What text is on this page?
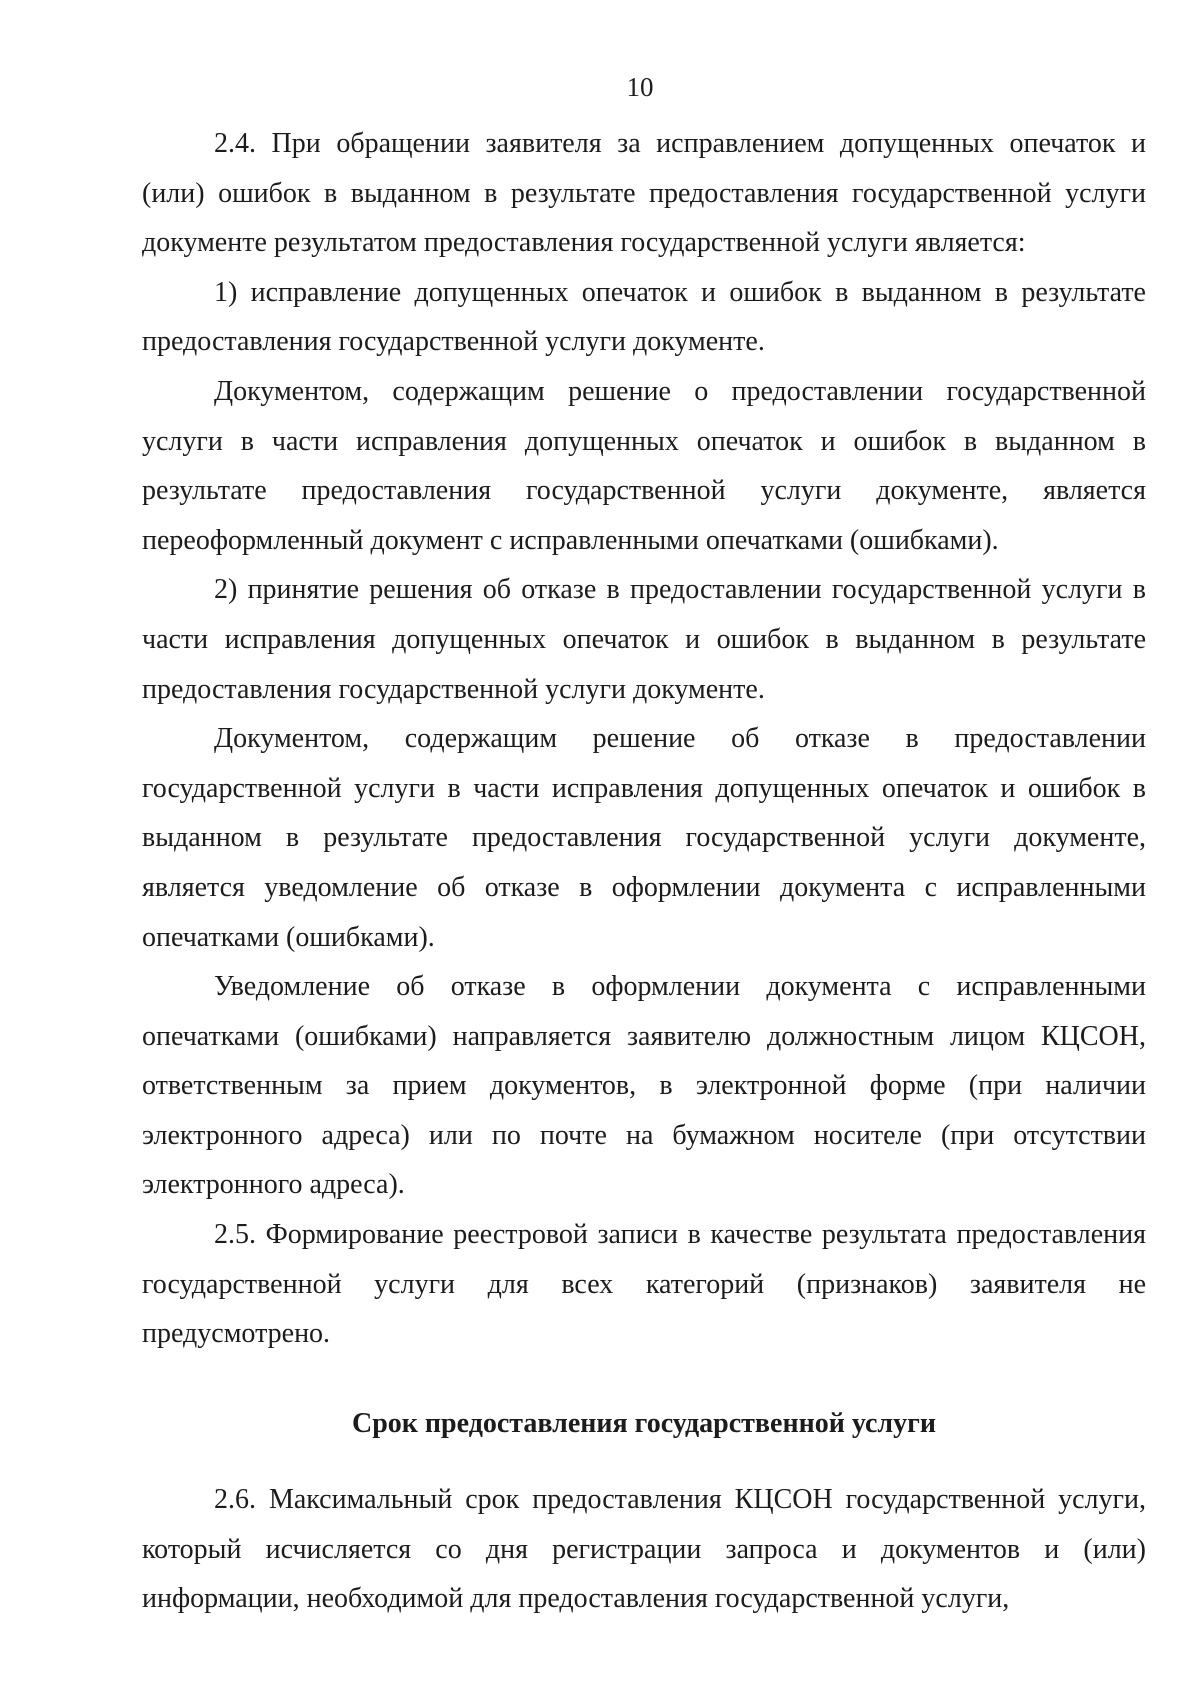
10

2.4. При обращении заявителя за исправлением допущенных опечаток и (или) ошибок в выданном в результате предоставления государственной услуги документе результатом предоставления государственной услуги является:

1) исправление допущенных опечаток и ошибок в выданном в результате предоставления государственной услуги документе.

Документом, содержащим решение о предоставлении государственной услуги в части исправления допущенных опечаток и ошибок в выданном в результате предоставления государственной услуги документе, является переоформленный документ с исправленными опечатками (ошибками).

2) принятие решения об отказе в предоставлении государственной услуги в части исправления допущенных опечаток и ошибок в выданном в результате предоставления государственной услуги документе.

Документом, содержащим решение об отказе в предоставлении государственной услуги в части исправления допущенных опечаток и ошибок в выданном в результате предоставления государственной услуги документе, является уведомление об отказе в оформлении документа с исправленными опечатками (ошибками).

Уведомление об отказе в оформлении документа с исправленными опечатками (ошибками) направляется заявителю должностным лицом КЦСОН, ответственным за прием документов, в электронной форме (при наличии электронного адреса) или по почте на бумажном носителе (при отсутствии электронного адреса).

2.5. Формирование реестровой записи в качестве результата предоставления государственной услуги для всех категорий (признаков) заявителя не предусмотрено.

Срок предоставления государственной услуги

2.6. Максимальный срок предоставления КЦСОН государственной услуги, который исчисляется со дня регистрации запроса и документов и (или) информации, необходимой для предоставления государственной услуги,
